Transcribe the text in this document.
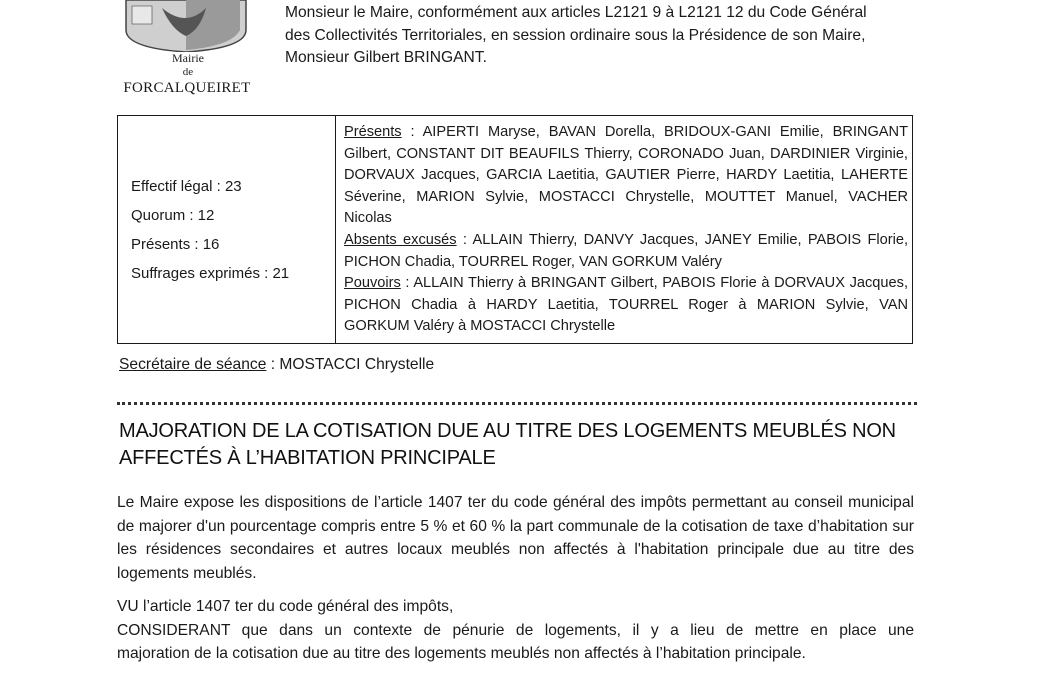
Mairie
de
FORCALQUEIRET

Monsieur le Maire, conformément aux articles L2121 9 à L2121 12 du Code Général

des Collectivités Territoriales, en session ordinaire sous la Présidence de son Maire,

Monsieur Gilbert BRINGANT.

Effectif légal : 23
Quorum : 12
Présents : 16
Suffrages exprimés : 21

Présents : AIPERTI Maryse, BAVAN Dorella, BRIDOUX-GANI Emilie, BRINGANT Gilbert, CONSTANT DIT BEAUFILS Thierry, CORONADO Juan, DARDINIER Virginie, DORVAUX Jacques, GARCIA Laetitia, GAUTIER Pierre, HARDY Laetitia, LAHERTE Séverine, MARION Sylvie, MOSTACCI Chrystelle, MOUTTET Manuel, VACHER Nicolas

Absents excusés : ALLAIN Thierry, DANVY Jacques, JANEY Emilie, PABOIS Florie, PICHON Chadia, TOURREL Roger, VAN GORKUM Valéry

Pouvoirs : ALLAIN Thierry à BRINGANT Gilbert, PABOIS Florie à DORVAUX Jacques, PICHON Chadia à HARDY Laetitia, TOURREL Roger à MARION Sylvie, VAN GORKUM Valéry à MOSTACCI Chrystelle

Secrétaire de séance : MOSTACCI Chrystelle
MAJORATION DE LA COTISATION DUE AU TITRE DES LOGEMENTS MEUBLÉS NON
AFFECTÉS À L’HABITATION PRINCIPALE

Le Maire expose les dispositions de l’article 1407 ter du code général des impôts permettant au conseil municipal de majorer d'un pourcentage compris entre 5 % et 60 % la part communale de la cotisation de taxe d’habitation sur les résidences secondaires et autres locaux meublés non affectés à l'habitation principale due au titre des logements meublés.

VU l’article 1407 ter du code général des impôts,

CONSIDERANT que dans un contexte de pénurie de logements, il y a lieu de mettre en place une

majoration de la cotisation due au titre des logements meublés non affectés à l’habitation principale.
